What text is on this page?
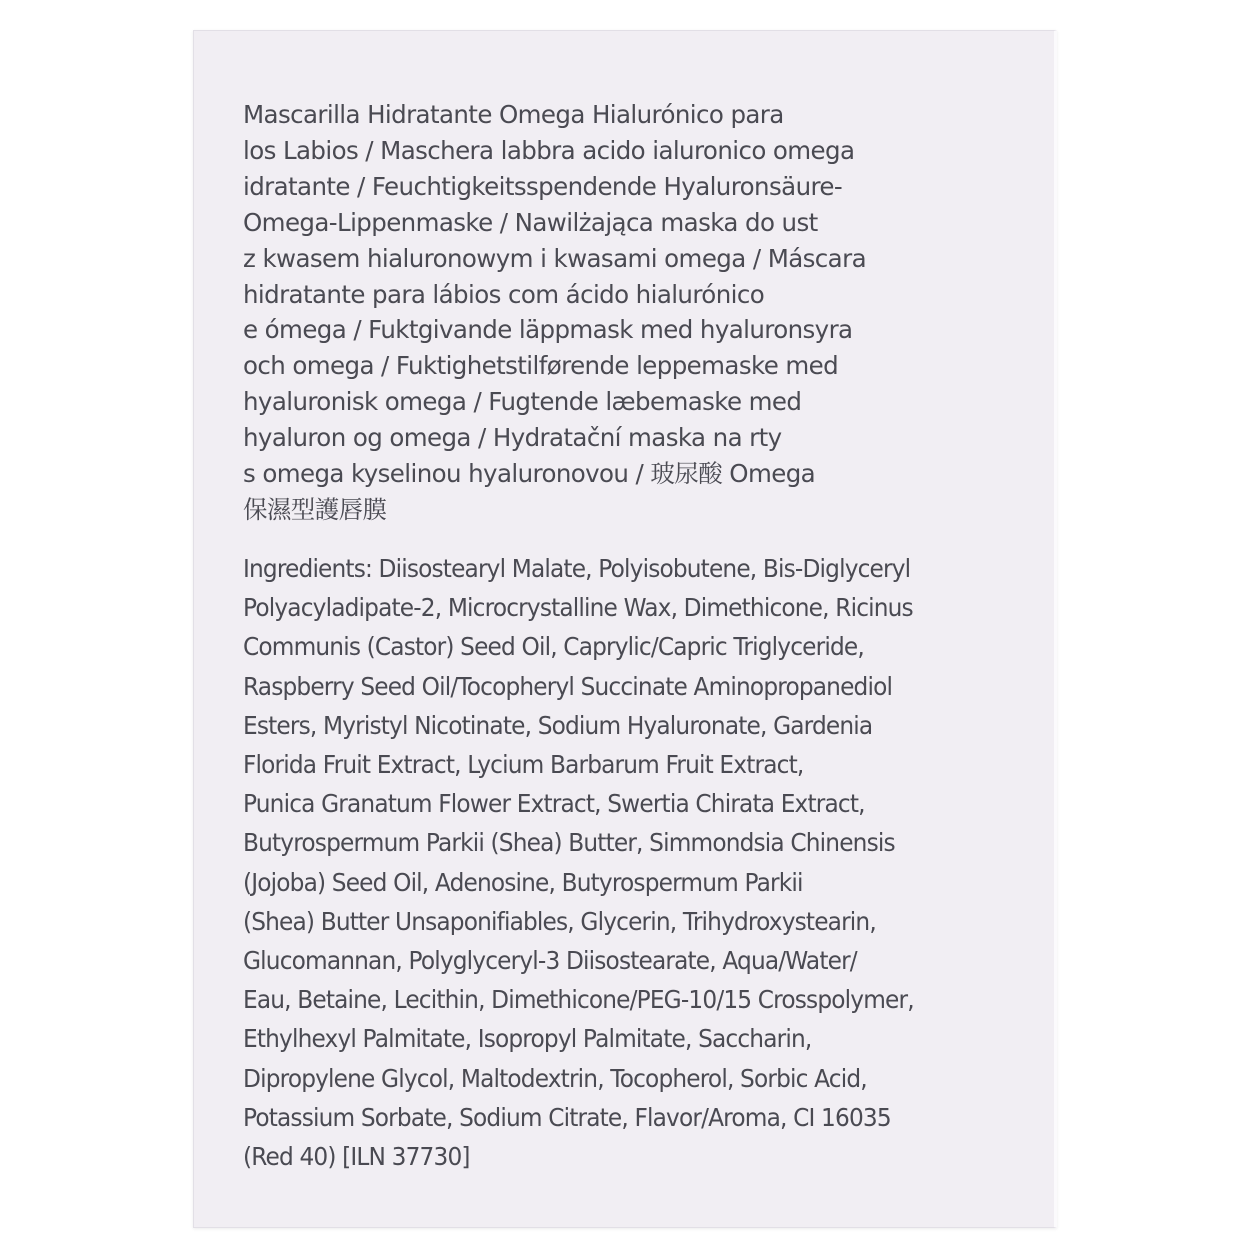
Mascarilla Hidratante Omega Hialurónico para
los Labios / Maschera labbra acido ialuronico omega
idratante / Feuchtigkeitsspendende Hyaluronsäure-
Omega-Lippenmaske / Nawilżająca maska do ust
z kwasem hialuronowym i kwasami omega / Máscara
hidratante para lábios com ácido hialurónico
e ómega / Fuktgivande läppmask med hyaluronsyra
och omega / Fuktighetstilførende leppemaske med
hyaluronisk omega / Fugtende læbemaske med
hyaluron og omega / Hydratační maska na rty
s omega kyselinou hyaluronovou / 玻尿酸 Omega
保濕型護唇膜
Ingredients: Diisostearyl Malate, Polyisobutene, Bis-Diglyceryl
Polyacyladipate-2, Microcrystalline Wax, Dimethicone, Ricinus
Communis (Castor) Seed Oil, Caprylic/Capric Triglyceride,
Raspberry Seed Oil/Tocopheryl Succinate Aminopropanediol
Esters, Myristyl Nicotinate, Sodium Hyaluronate, Gardenia
Florida Fruit Extract, Lycium Barbarum Fruit Extract,
Punica Granatum Flower Extract, Swertia Chirata Extract,
Butyrospermum Parkii (Shea) Butter, Simmondsia Chinensis
(Jojoba) Seed Oil, Adenosine, Butyrospermum Parkii
(Shea) Butter Unsaponifiables, Glycerin, Trihydroxystearin,
Glucomannan, Polyglyceryl-3 Diisostearate, Aqua/Water/
Eau, Betaine, Lecithin, Dimethicone/PEG-10/15 Crosspolymer,
Ethylhexyl Palmitate, Isopropyl Palmitate, Saccharin,
Dipropylene Glycol, Maltodextrin, Tocopherol, Sorbic Acid,
Potassium Sorbate, Sodium Citrate, Flavor/Aroma, CI 16035
(Red 40) [ILN 37730]
